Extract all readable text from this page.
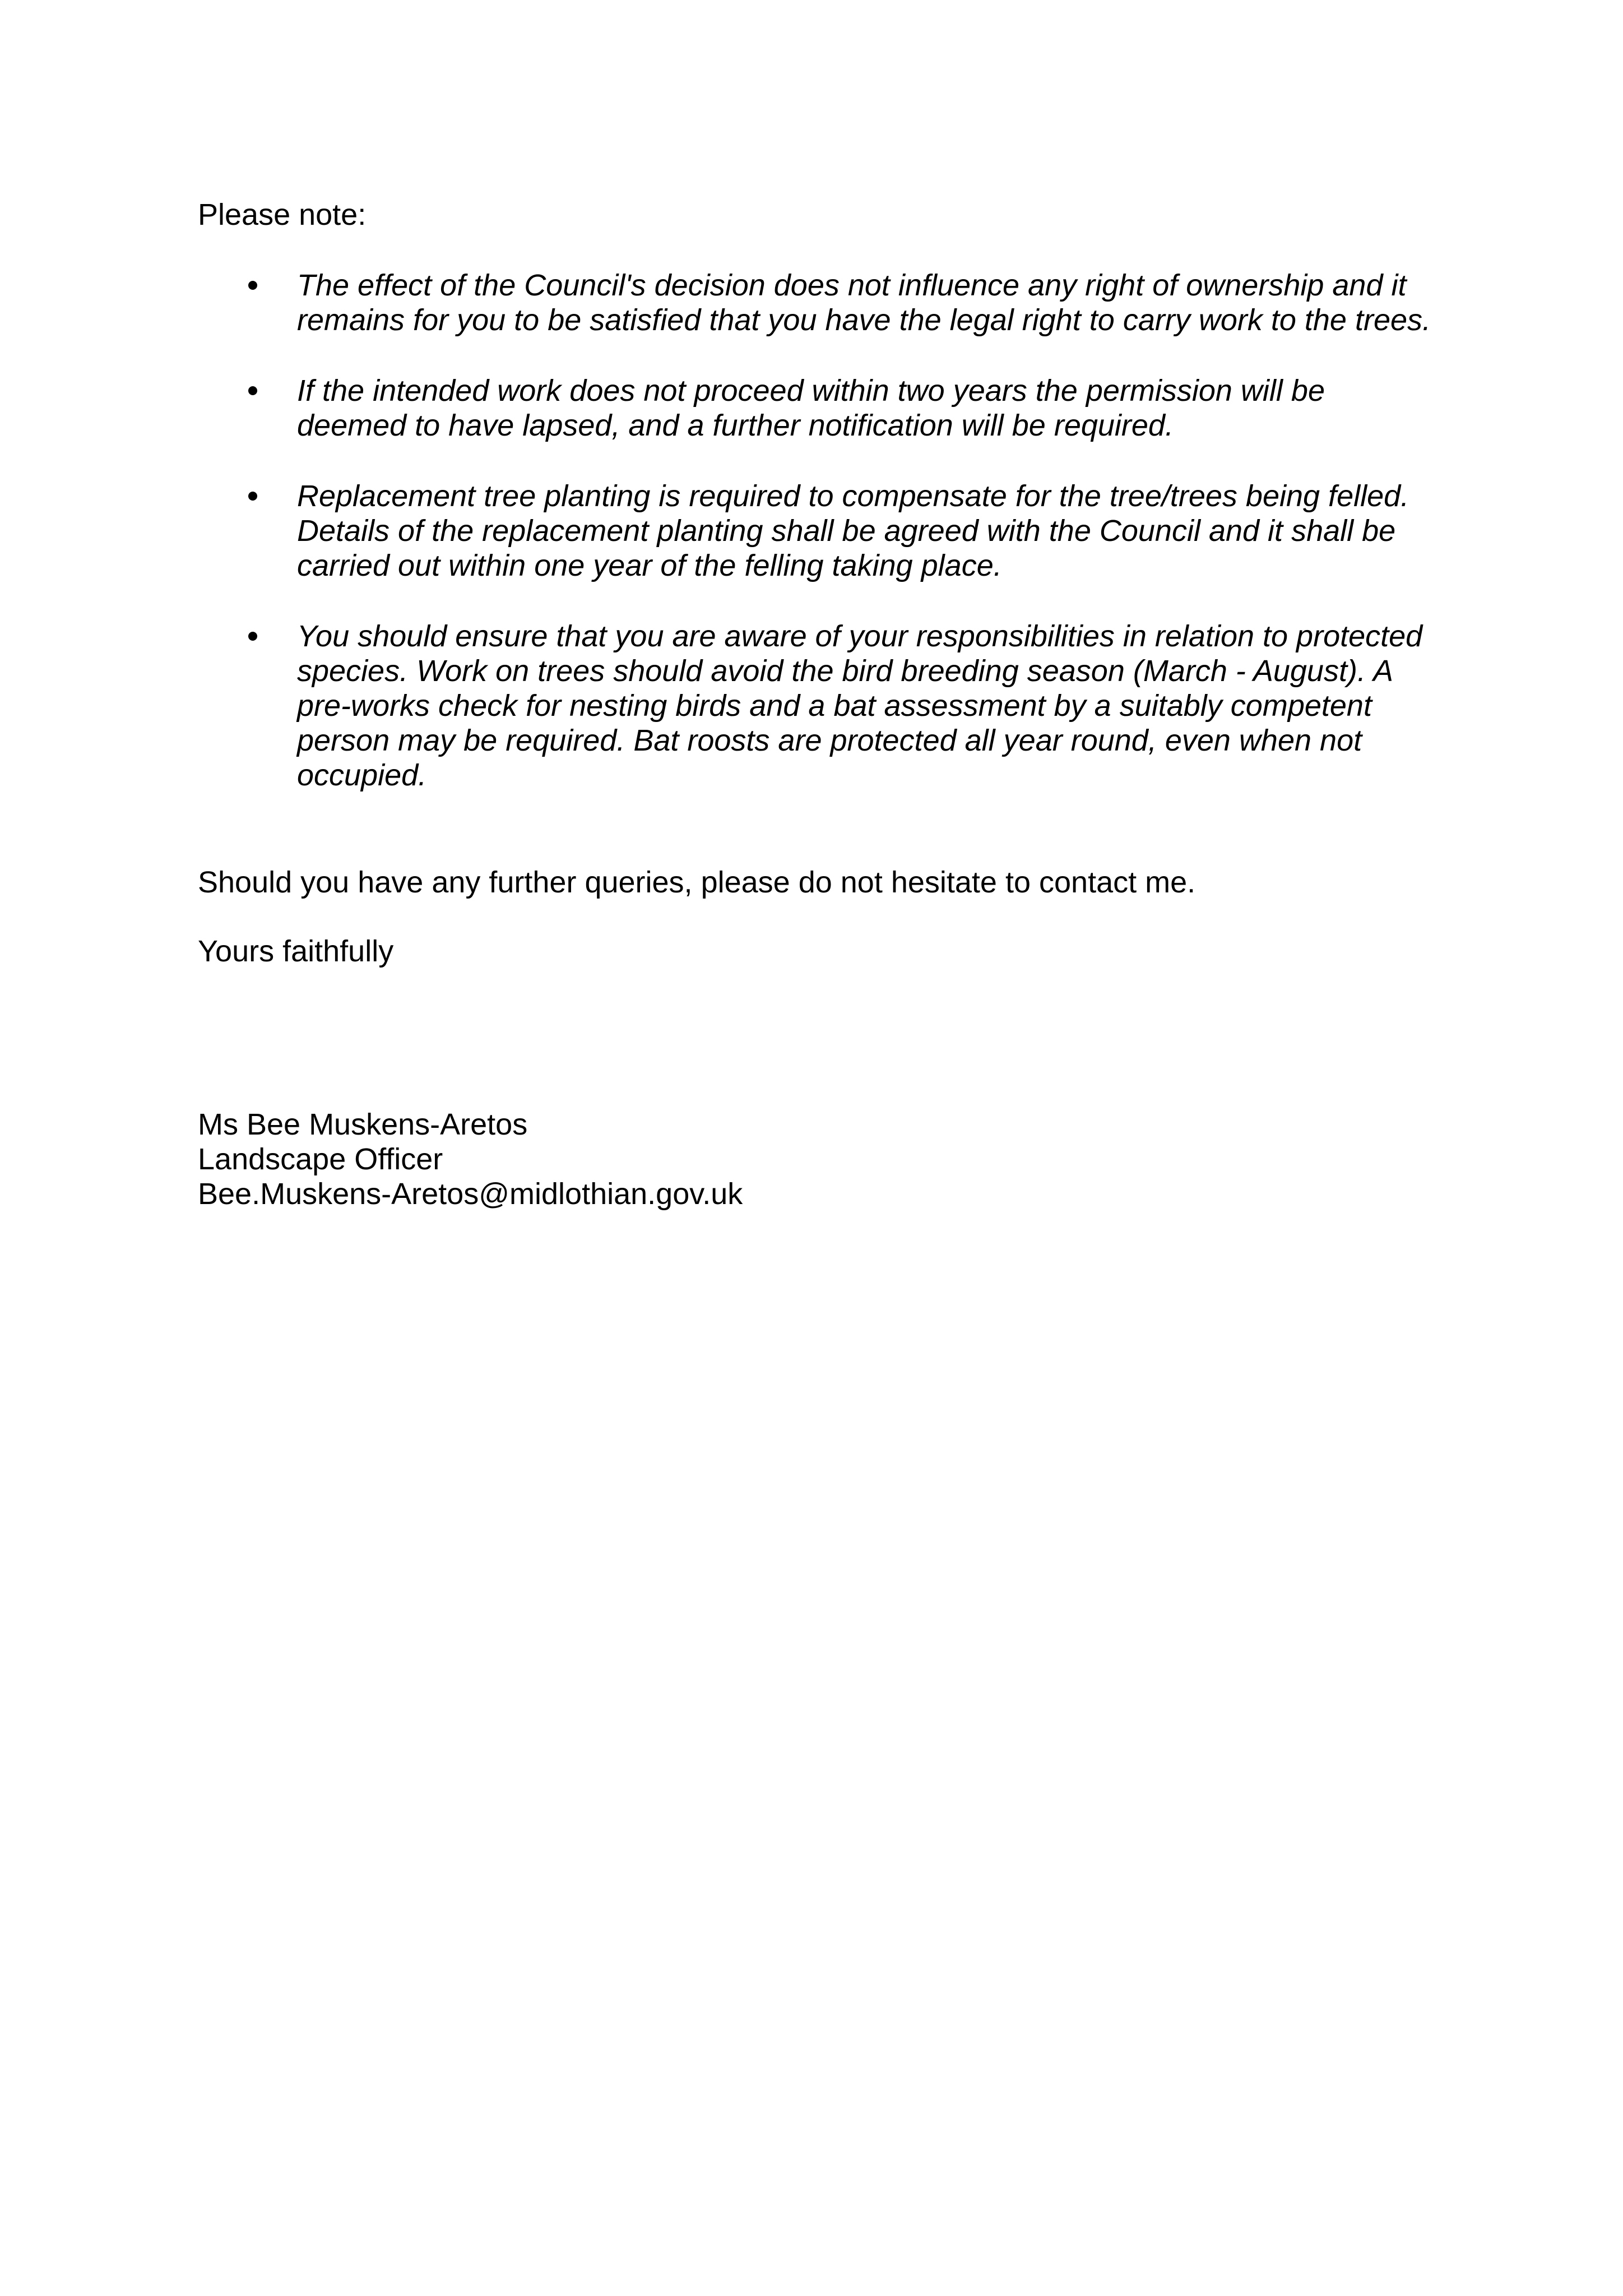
Please note:

The effect of the Council's decision does not influence any right of ownership and it
remains for you to be satisfied that you have the legal right to carry work to the trees.
If the intended work does not proceed within two years the permission will be
deemed to have lapsed, and a further notification will be required.
Replacement tree planting is required to compensate for the tree/trees being felled.
Details of the replacement planting shall be agreed with the Council and it shall be
carried out within one year of the felling taking place.
You should ensure that you are aware of your responsibilities in relation to protected
species. Work on trees should avoid the bird breeding season (March - August). A
pre-works check for nesting birds and a bat assessment by a suitably competent
person may be required. Bat roosts are protected all year round, even when not
occupied.

Should you have any further queries, please do not hesitate to contact me.

Yours faithfully

Ms Bee Muskens-Aretos
Landscape Officer
Bee.Muskens-Aretos@midlothian.gov.uk
